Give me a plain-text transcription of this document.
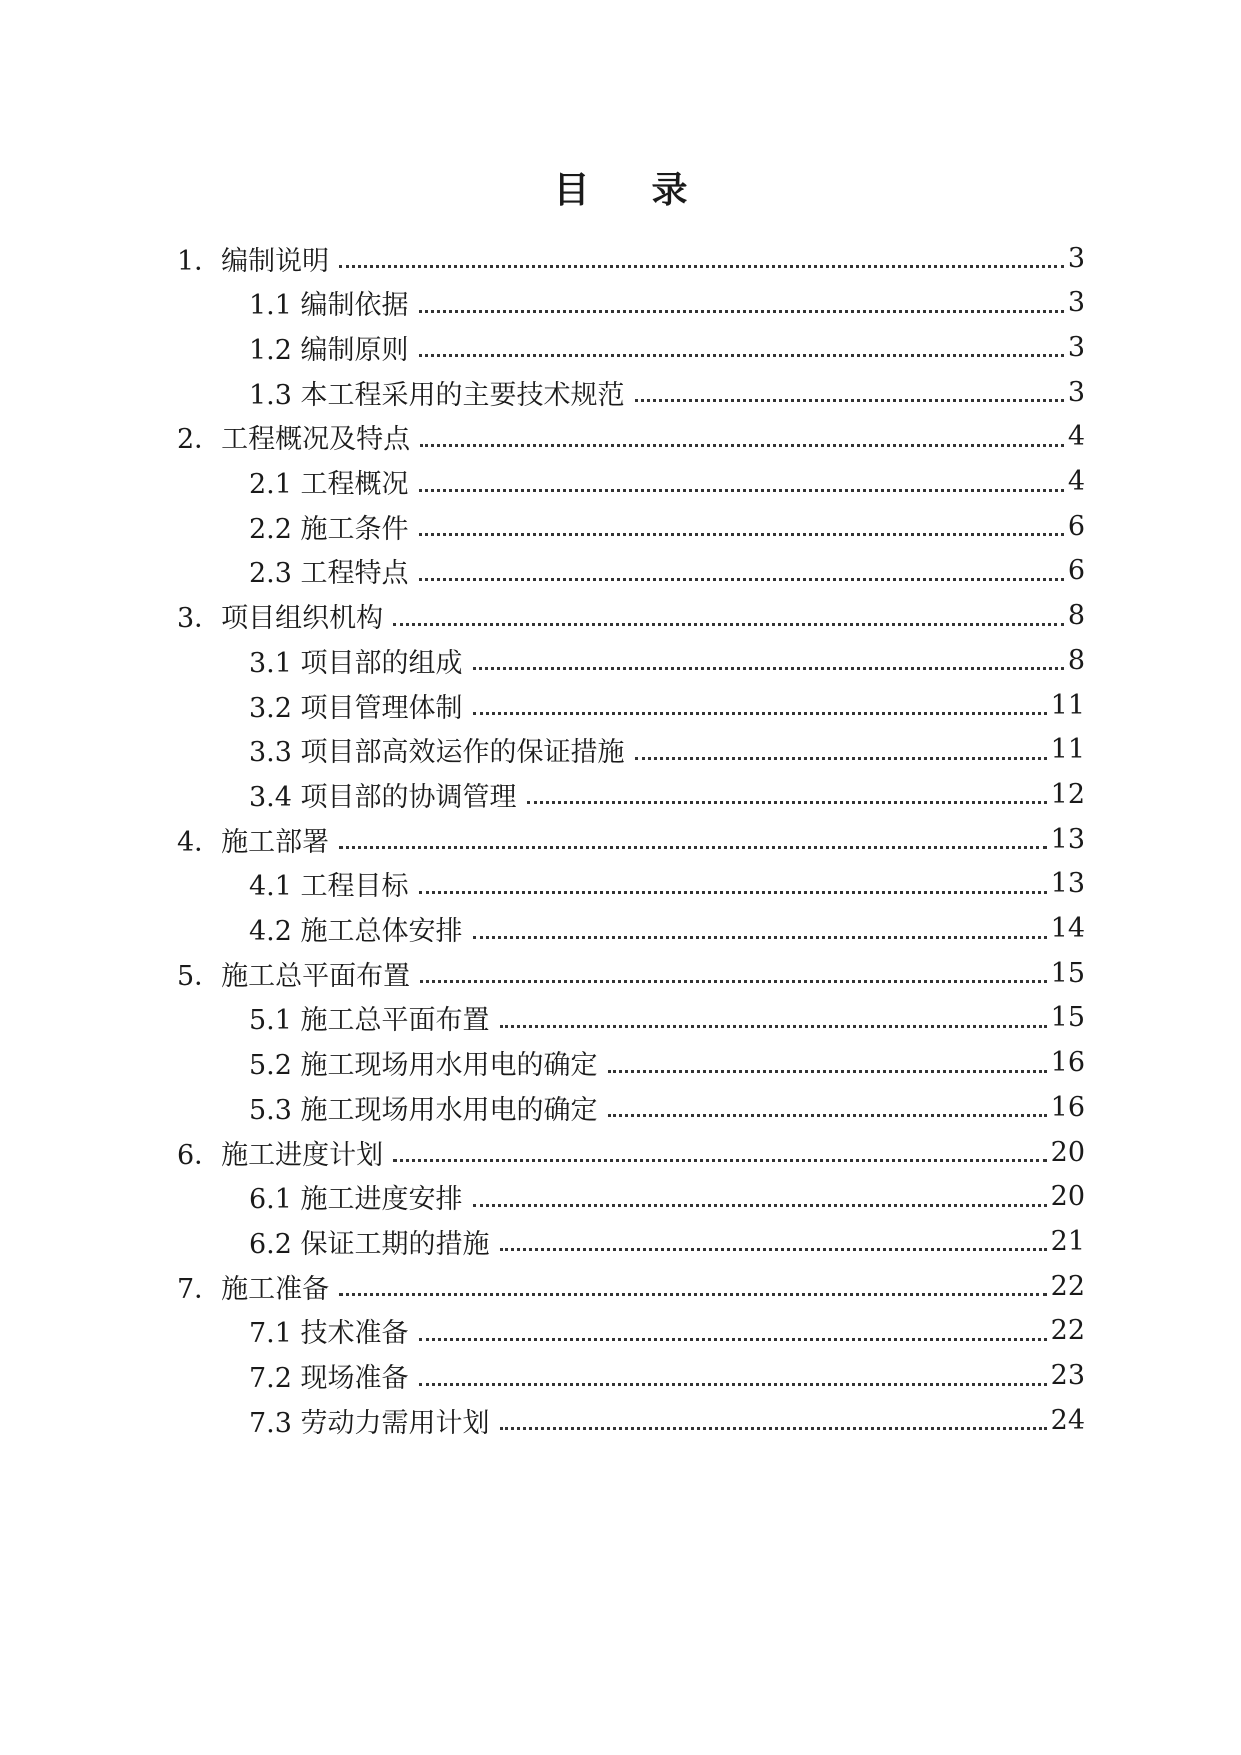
目 录
1．编制说明	3
1.1 编制依据	3
1.2 编制原则	3
1.3 本工程采用的主要技术规范	3
2．工程概况及特点	4
2.1 工程概况	4
2.2 施工条件	6
2.3 工程特点	6
3．项目组织机构	8
3.1 项目部的组成	8
3.2 项目管理体制	11
3.3 项目部高效运作的保证措施	11
3.4 项目部的协调管理	12
4．施工部署	13
4.1 工程目标	13
4.2 施工总体安排	14
5．施工总平面布置	15
5.1 施工总平面布置	15
5.2 施工现场用水用电的确定	16
5.3 施工现场用水用电的确定	16
6．施工进度计划	20
6.1 施工进度安排	20
6.2 保证工期的措施	21
7．施工准备	22
7.1 技术准备	22
7.2 现场准备	23
7.3 劳动力需用计划	24
